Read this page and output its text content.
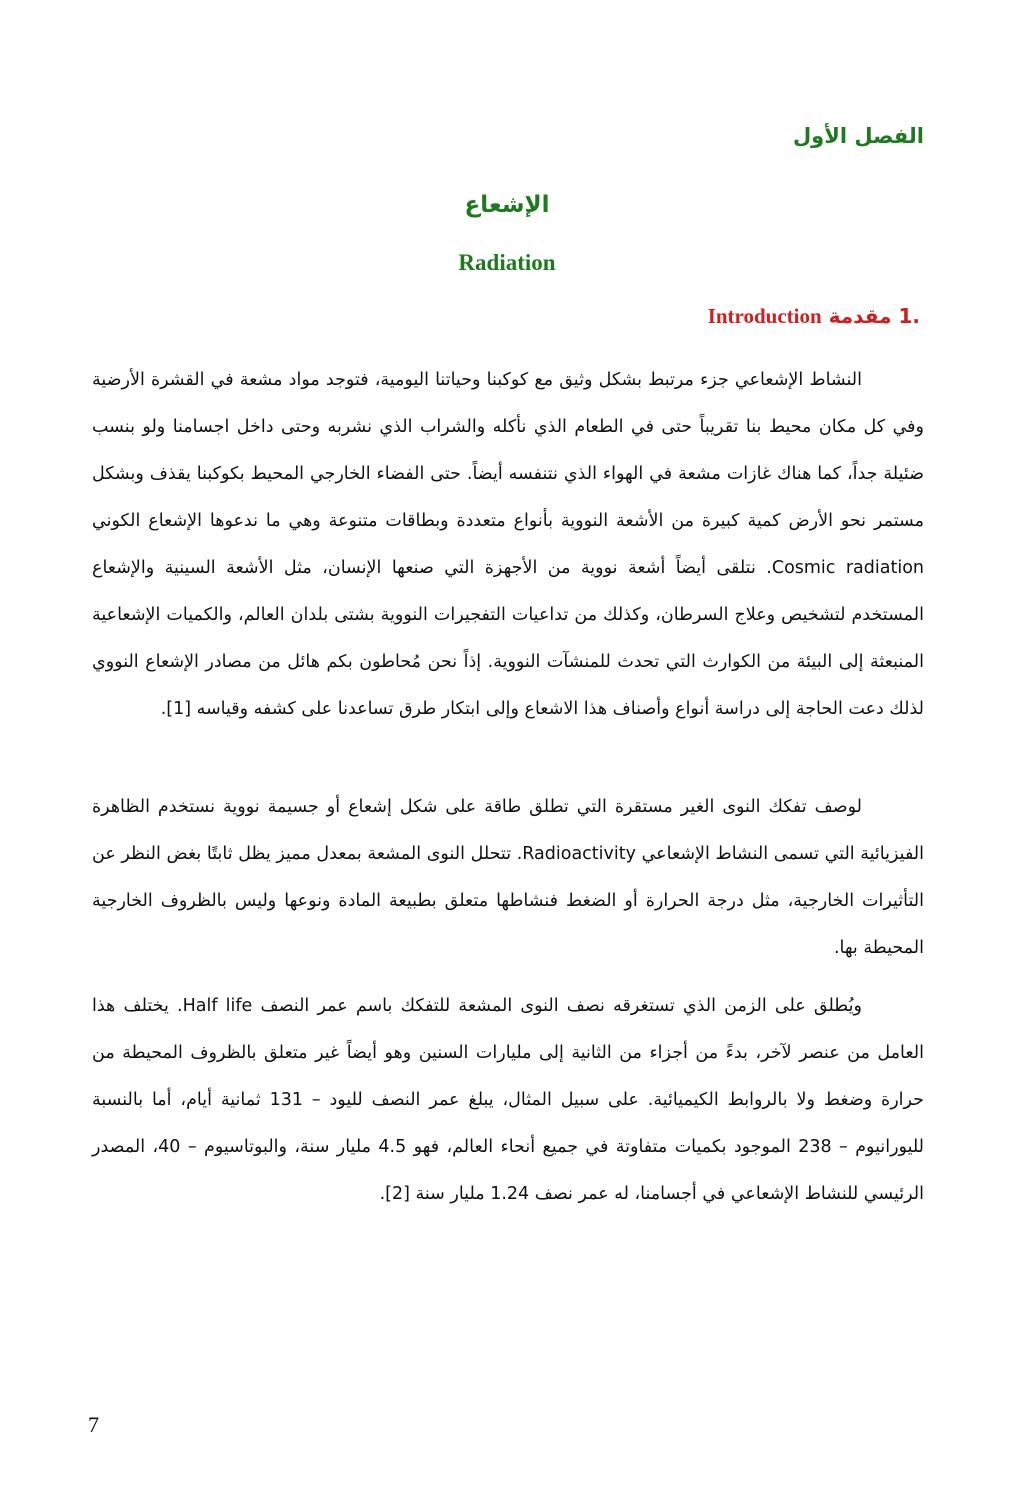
الفصل الأول
الإشعاع
Radiation
.1 مقدمة Introduction

النشاط الإشعاعي جزء مرتبط بشكل وثيق مع كوكبنا وحياتنا اليومية، فتوجد مواد مشعة في القشرة الأرضية وفي كل مكان محيط بنا تقريباً حتى في الطعام الذي نأكله والشراب الذي نشربه وحتى داخل اجسامنا ولو بنسب ضئيلة جداً، كما هناك غازات مشعة في الهواء الذي نتنفسه أيضاً. حتى الفضاء الخارجي المحيط بكوكبنا يقذف وبشكل مستمر نحو الأرض كمية كبيرة من الأشعة النووية بأنواع متعددة وبطاقات متنوعة وهي ما ندعوها الإشعاع الكوني Cosmic radiation. نتلقى أيضاً أشعة نووية من الأجهزة التي صنعها الإنسان، مثل الأشعة السينية والإشعاع المستخدم لتشخيص وعلاج السرطان، وكذلك من تداعيات التفجيرات النووية بشتى بلدان العالم، والكميات الإشعاعية المنبعثة إلى البيئة من الكوارث التي تحدث للمنشآت النووية. إذاً نحن مُحاطون بكم هائل من مصادر الإشعاع النووي لذلك دعت الحاجة إلى دراسة أنواع وأصناف هذا الاشعاع وإلى ابتكار طرق تساعدنا على كشفه وقياسه [1].

لوصف تفكك النوى الغير مستقرة التي تطلق طاقة على شكل إشعاع أو جسيمة نووية نستخدم الظاهرة الفيزيائية التي تسمى النشاط الإشعاعي Radioactivity. تتحلل النوى المشعة بمعدل مميز يظل ثابتًا بغض النظر عن التأثيرات الخارجية، مثل درجة الحرارة أو الضغط فنشاطها متعلق بطبيعة المادة ونوعها وليس بالظروف الخارجية المحيطة بها.

ويُطلق على الزمن الذي تستغرقه نصف النوى المشعة للتفكك باسم عمر النصف Half life. يختلف هذا العامل من عنصر لآخر، بدءً من أجزاء من الثانية إلى مليارات السنين وهو أيضاً غير متعلق بالظروف المحيطة من حرارة وضغط ولا بالروابط الكيميائية. على سبيل المثال، يبلغ عمر النصف لليود – 131 ثمانية أيام، أما بالنسبة لليورانيوم – 238 الموجود بكميات متفاوتة في جميع أنحاء العالم، فهو 4.5 مليار سنة، والبوتاسيوم – 40، المصدر الرئيسي للنشاط الإشعاعي في أجسامنا، له عمر نصف 1.24 مليار سنة [2].

7
